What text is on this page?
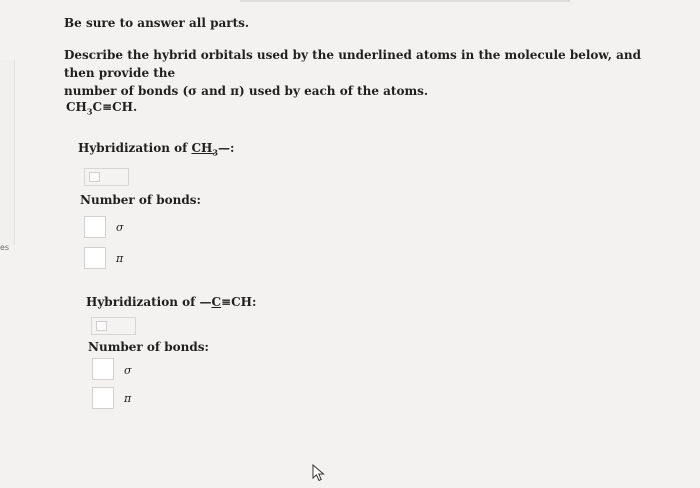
es
Be sure to answer all parts.
Describe the hybrid orbitals used by the underlined atoms in the molecule below, and then provide the
number of bonds (σ and π) used by each of the atoms.
$CH_3C\equiv CH$.
Hybridization of $CH_3—$:
Number of bonds:
σ
π
Hybridization of —C≡CH:
Number of bonds:
σ
π
